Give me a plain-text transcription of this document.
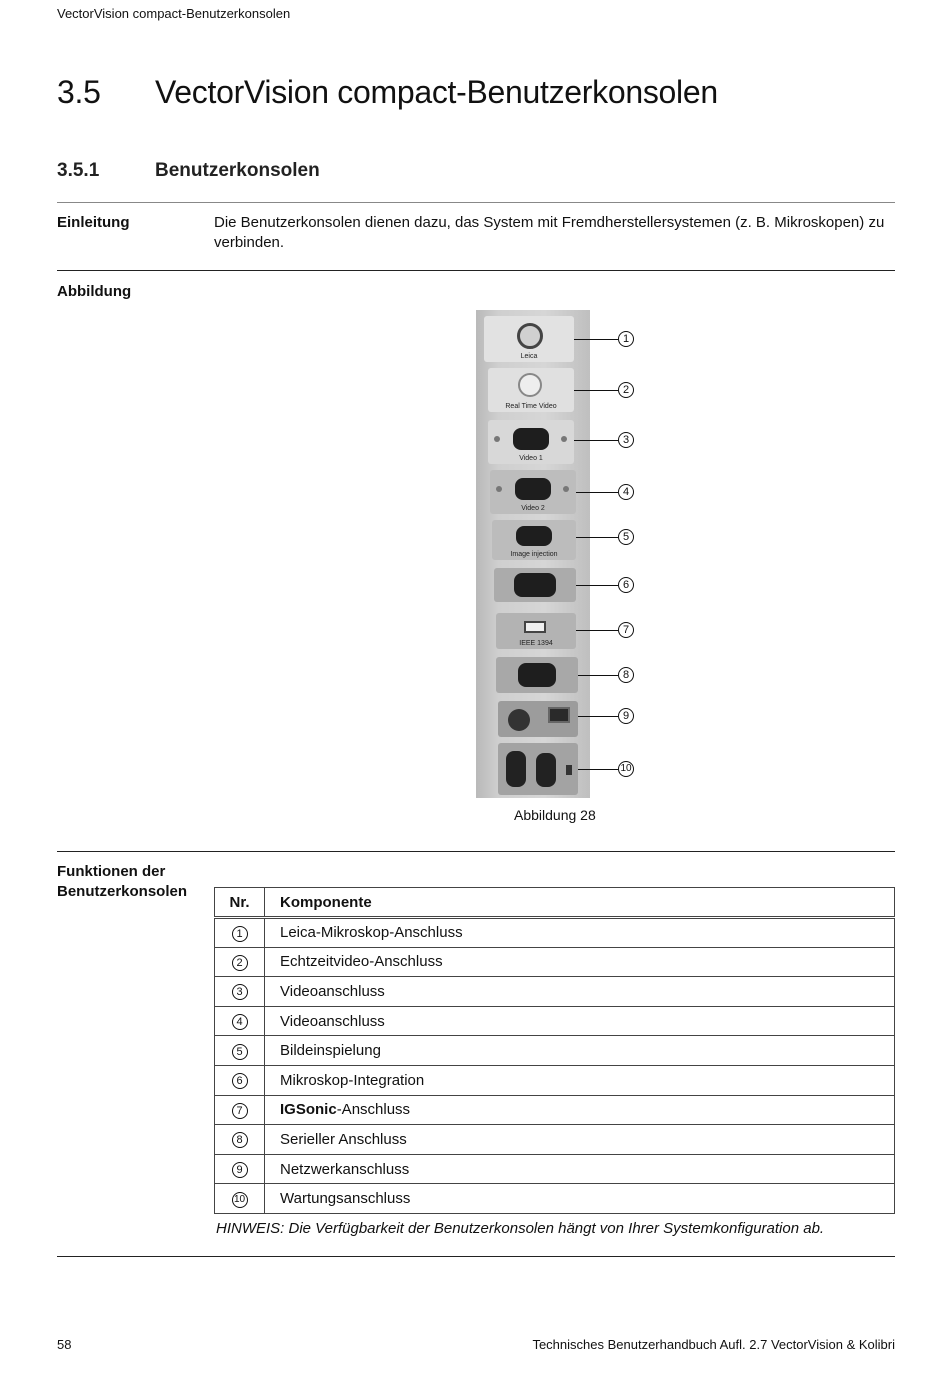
VectorVision compact-Benutzerkonsolen
3.5 VectorVision compact-Benutzerkonsolen
3.5.1	Benutzerkonsolen
Einleitung	Die Benutzerkonsolen dienen dazu, das System mit Fremdherstellersystemen (z. B. Mikroskopen) zu verbinden.
Abbildung
Leica
Real Time Video
Video 1
Video 2
Image injection
IEEE 1394
1
2
3
4
5
6
7
8
9
10
Abbildung 28
Funktionen der
Benutzerkonsolen
Nr.	Komponente
1	Leica-Mikroskop-Anschluss
2	Echtzeitvideo-Anschluss
3	Videoanschluss
4	Videoanschluss
5	Bildeinspielung
6	Mikroskop-Integration
7	IGSonic-Anschluss
8	Serieller Anschluss
9	Netzwerkanschluss
10	Wartungsanschluss
HINWEIS: Die Verfügbarkeit der Benutzerkonsolen hängt von Ihrer Systemkonfiguration ab.
58	Technisches Benutzerhandbuch Aufl. 2.7 VectorVision & Kolibri
